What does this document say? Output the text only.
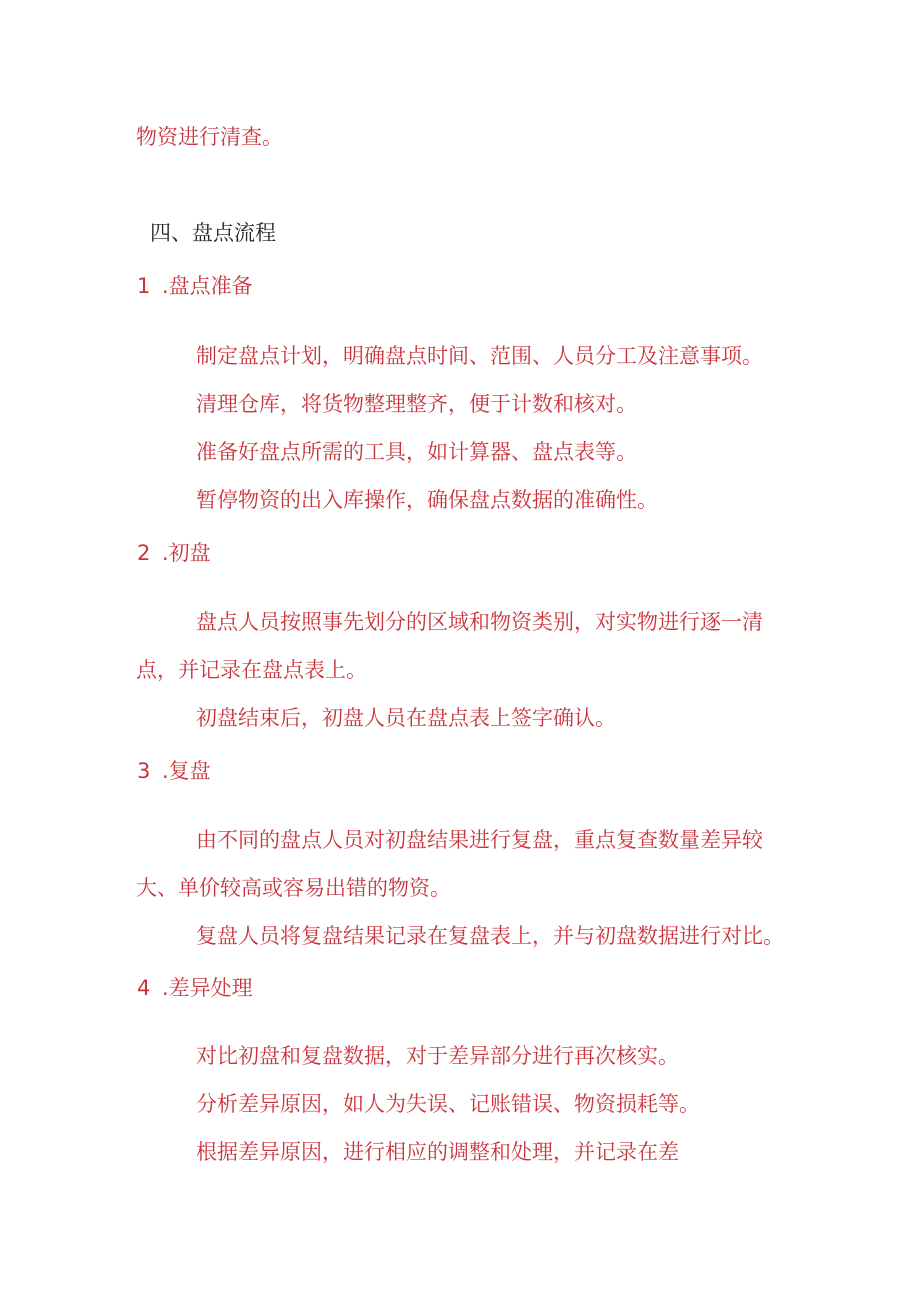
物资进行清查。
四、盘点流程
1 .盘点准备
制定盘点计划，明确盘点时间、范围、人员分工及注意事项。
清理仓库，将货物整理整齐，便于计数和核对。
准备好盘点所需的工具，如计算器、盘点表等。
暂停物资的出入库操作，确保盘点数据的准确性。
2 .初盘
盘点人员按照事先划分的区域和物资类别，对实物进行逐一清
点，并记录在盘点表上。
初盘结束后，初盘人员在盘点表上签字确认。
3 .复盘
由不同的盘点人员对初盘结果进行复盘，重点复查数量差异较
大、单价较高或容易出错的物资。
复盘人员将复盘结果记录在复盘表上，并与初盘数据进行对比。
4 .差异处理
对比初盘和复盘数据，对于差异部分进行再次核实。
分析差异原因，如人为失误、记账错误、物资损耗等。
根据差异原因，进行相应的调整和处理，并记录在差
